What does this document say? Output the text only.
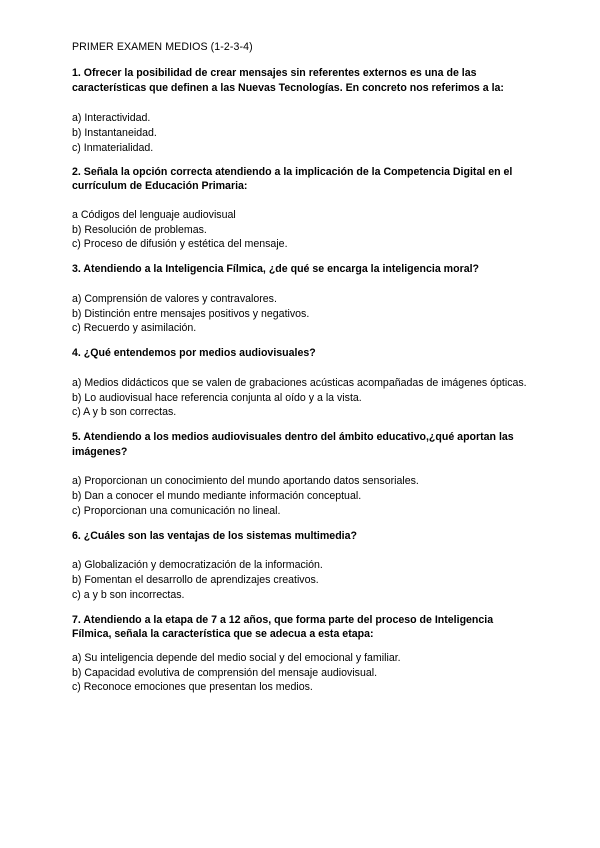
PRIMER EXAMEN MEDIOS (1-2-3-4)

1. Ofrecer la posibilidad de crear mensajes sin referentes externos es una de las características que definen a las Nuevas Tecnologías. En concreto nos referimos a la:

a) Interactividad.
b) Instantaneidad.
c) Inmaterialidad.

2. Señala la opción correcta atendiendo a la implicación de la Competencia Digital en el currículum de Educación Primaria:

a Códigos del lenguaje audiovisual
b) Resolución de problemas.
c) Proceso de difusión y estética del mensaje.

3. Atendiendo a la Inteligencia Fílmica, ¿de qué se encarga la inteligencia moral?

a) Comprensión de valores y contravalores.
b) Distinción entre mensajes positivos y negativos.
c) Recuerdo y asimilación.

4. ¿Qué entendemos por medios audiovisuales?

a) Medios didácticos que se valen de grabaciones acústicas acompañadas de imágenes ópticas.
b) Lo audiovisual hace referencia conjunta al oído y a la vista.
c) A y b son correctas.

5. Atendiendo a los medios audiovisuales dentro del ámbito educativo,¿qué aportan las imágenes?

a) Proporcionan un conocimiento del mundo aportando datos sensoriales.
b) Dan a conocer el mundo mediante información conceptual.
c) Proporcionan una comunicación no lineal.

6. ¿Cuáles son las ventajas de los sistemas multimedia?

a) Globalización y democratización de la información.
b) Fomentan el desarrollo de aprendizajes creativos.
c) a y b son incorrectas.

7. Atendiendo a la etapa de 7 a 12 años, que forma parte del proceso de Inteligencia Fílmica, señala la característica que se adecua a esta etapa:

a) Su inteligencia depende del medio social y del emocional y familiar.
b) Capacidad evolutiva de comprensión del mensaje audiovisual.
c) Reconoce emociones que presentan los medios.
